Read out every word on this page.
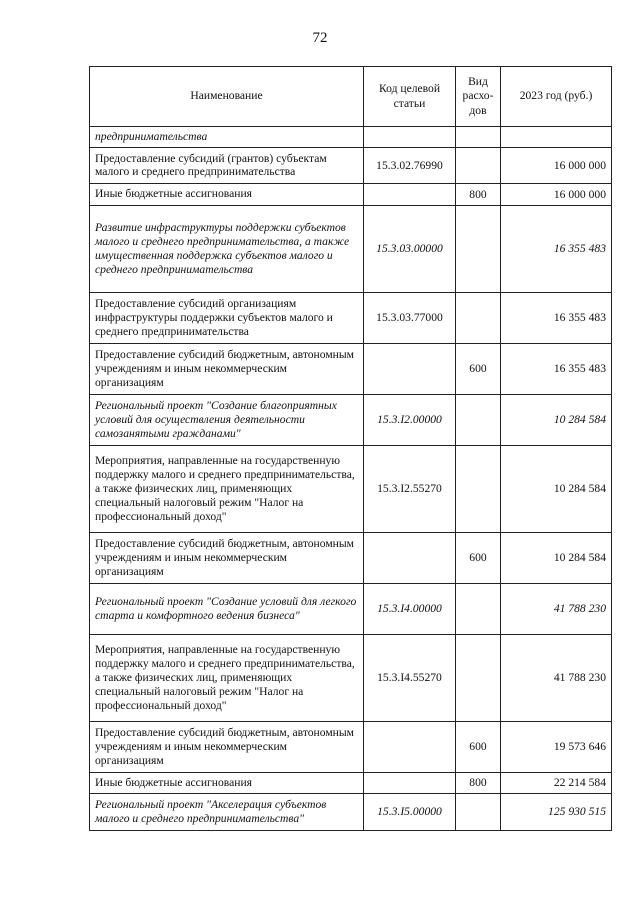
72
Наименование	Код целевой статьи	Вид расхо-дов	2023 год (руб.)
предпринимательства			
Предоставление субсидий (грантов) субъектам малого и среднего предпринимательства	15.3.02.76990		16 000 000
Иные бюджетные ассигнования		800	16 000 000
Развитие инфраструктуры поддержки субъектов малого и среднего предпринимательства, а также имущественная поддержка субъектов малого и среднего предпринимательства	15.3.03.00000		16 355 483
Предоставление субсидий организациям инфраструктуры поддержки субъектов малого и среднего предпринимательства	15.3.03.77000		16 355 483
Предоставление субсидий бюджетным, автономным учреждениям и иным некоммерческим организациям		600	16 355 483
Региональный проект "Создание благоприятных условий для осуществления деятельности самозанятыми гражданами"	15.3.I2.00000		10 284 584
Мероприятия, направленные на государственную поддержку малого и среднего предпринимательства, а также физических лиц, применяющих специальный налоговый режим "Налог на профессиональный доход"	15.3.I2.55270		10 284 584
Предоставление субсидий бюджетным, автономным учреждениям и иным некоммерческим организациям		600	10 284 584
Региональный проект "Создание условий для легкого старта и комфортного ведения бизнеса"	15.3.I4.00000		41 788 230
Мероприятия, направленные на государственную поддержку малого и среднего предпринимательства, а также физических лиц, применяющих специальный налоговый режим "Налог на профессиональный доход"	15.3.I4.55270		41 788 230
Предоставление субсидий бюджетным, автономным учреждениям и иным некоммерческим организациям		600	19 573 646
Иные бюджетные ассигнования		800	22 214 584
Региональный проект "Акселерация субъектов малого и среднего предпринимательства"	15.3.I5.00000		125 930 515
